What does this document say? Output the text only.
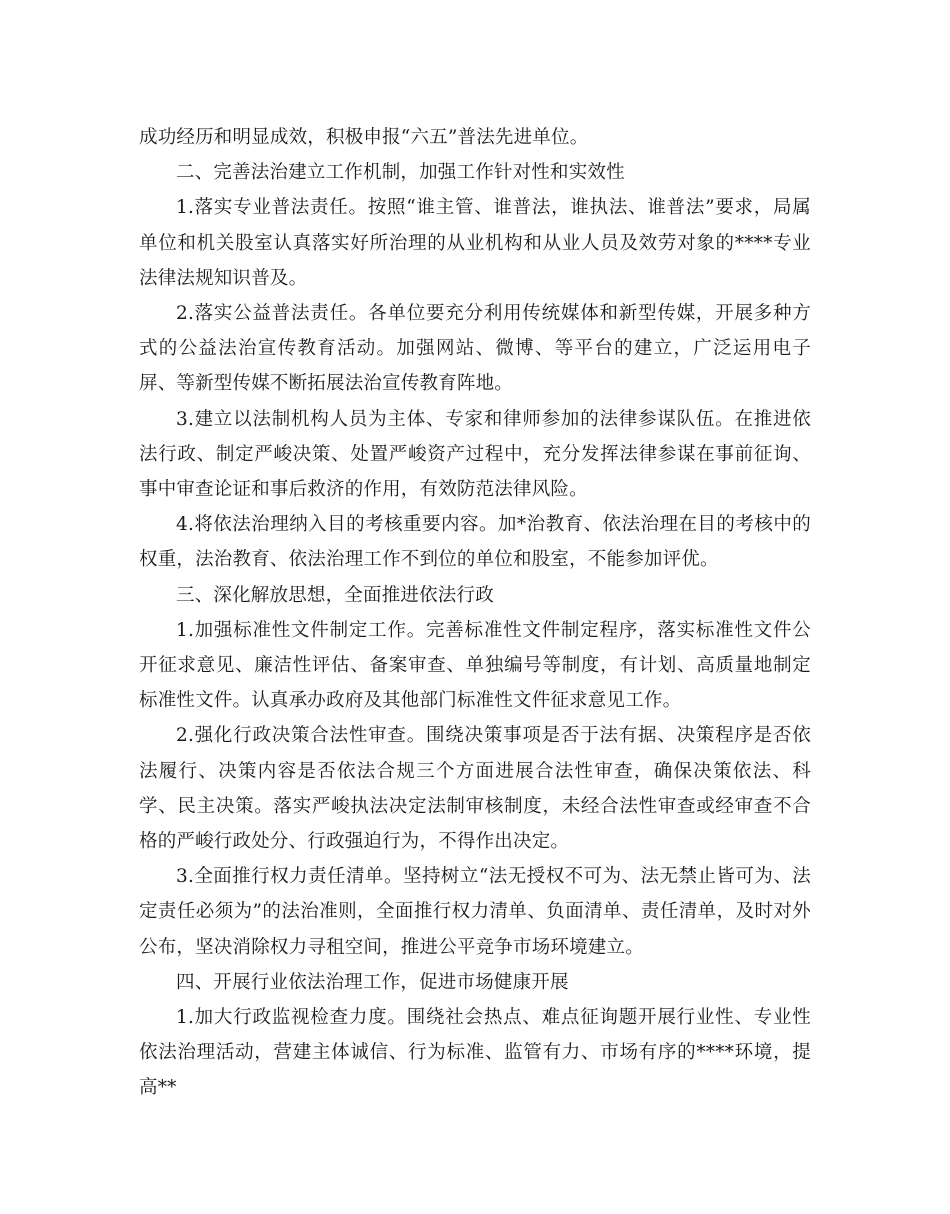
成功经历和明显成效，积极申报“六五”普法先进单位。

二、完善法治建立工作机制，加强工作针对性和实效性

1.落实专业普法责任。按照“谁主管、谁普法，谁执法、谁普法”要求，局属单位和机关股室认真落实好所治理的从业机构和从业人员及效劳对象的****专业法律法规知识普及。

2.落实公益普法责任。各单位要充分利用传统媒体和新型传媒，开展多种方式的公益法治宣传教育活动。加强网站、微博、等平台的建立，广泛运用电子屏、等新型传媒不断拓展法治宣传教育阵地。

3.建立以法制机构人员为主体、专家和律师参加的法律参谋队伍。在推进依法行政、制定严峻决策、处置严峻资产过程中，充分发挥法律参谋在事前征询、事中审查论证和事后救济的作用，有效防范法律风险。

4.将依法治理纳入目的考核重要内容。加*治教育、依法治理在目的考核中的权重，法治教育、依法治理工作不到位的单位和股室，不能参加评优。

三、深化解放思想，全面推进依法行政

1.加强标准性文件制定工作。完善标准性文件制定程序，落实标准性文件公开征求意见、廉洁性评估、备案审查、单独编号等制度，有计划、高质量地制定标准性文件。认真承办政府及其他部门标准性文件征求意见工作。

2.强化行政决策合法性审查。围绕决策事项是否于法有据、决策程序是否依法履行、决策内容是否依法合规三个方面进展合法性审查，确保决策依法、科学、民主决策。落实严峻执法决定法制审核制度，未经合法性审查或经审查不合格的严峻行政处分、行政强迫行为，不得作出决定。

3.全面推行权力责任清单。坚持树立“法无授权不可为、法无禁止皆可为、法定责任必须为”的法治准则，全面推行权力清单、负面清单、责任清单，及时对外公布，坚决消除权力寻租空间，推进公平竞争市场环境建立。

四、开展行业依法治理工作，促进市场健康开展

1.加大行政监视检查力度。围绕社会热点、难点征询题开展行业性、专业性依法治理活动，营建主体诚信、行为标准、监管有力、市场有序的****环境，提高**
